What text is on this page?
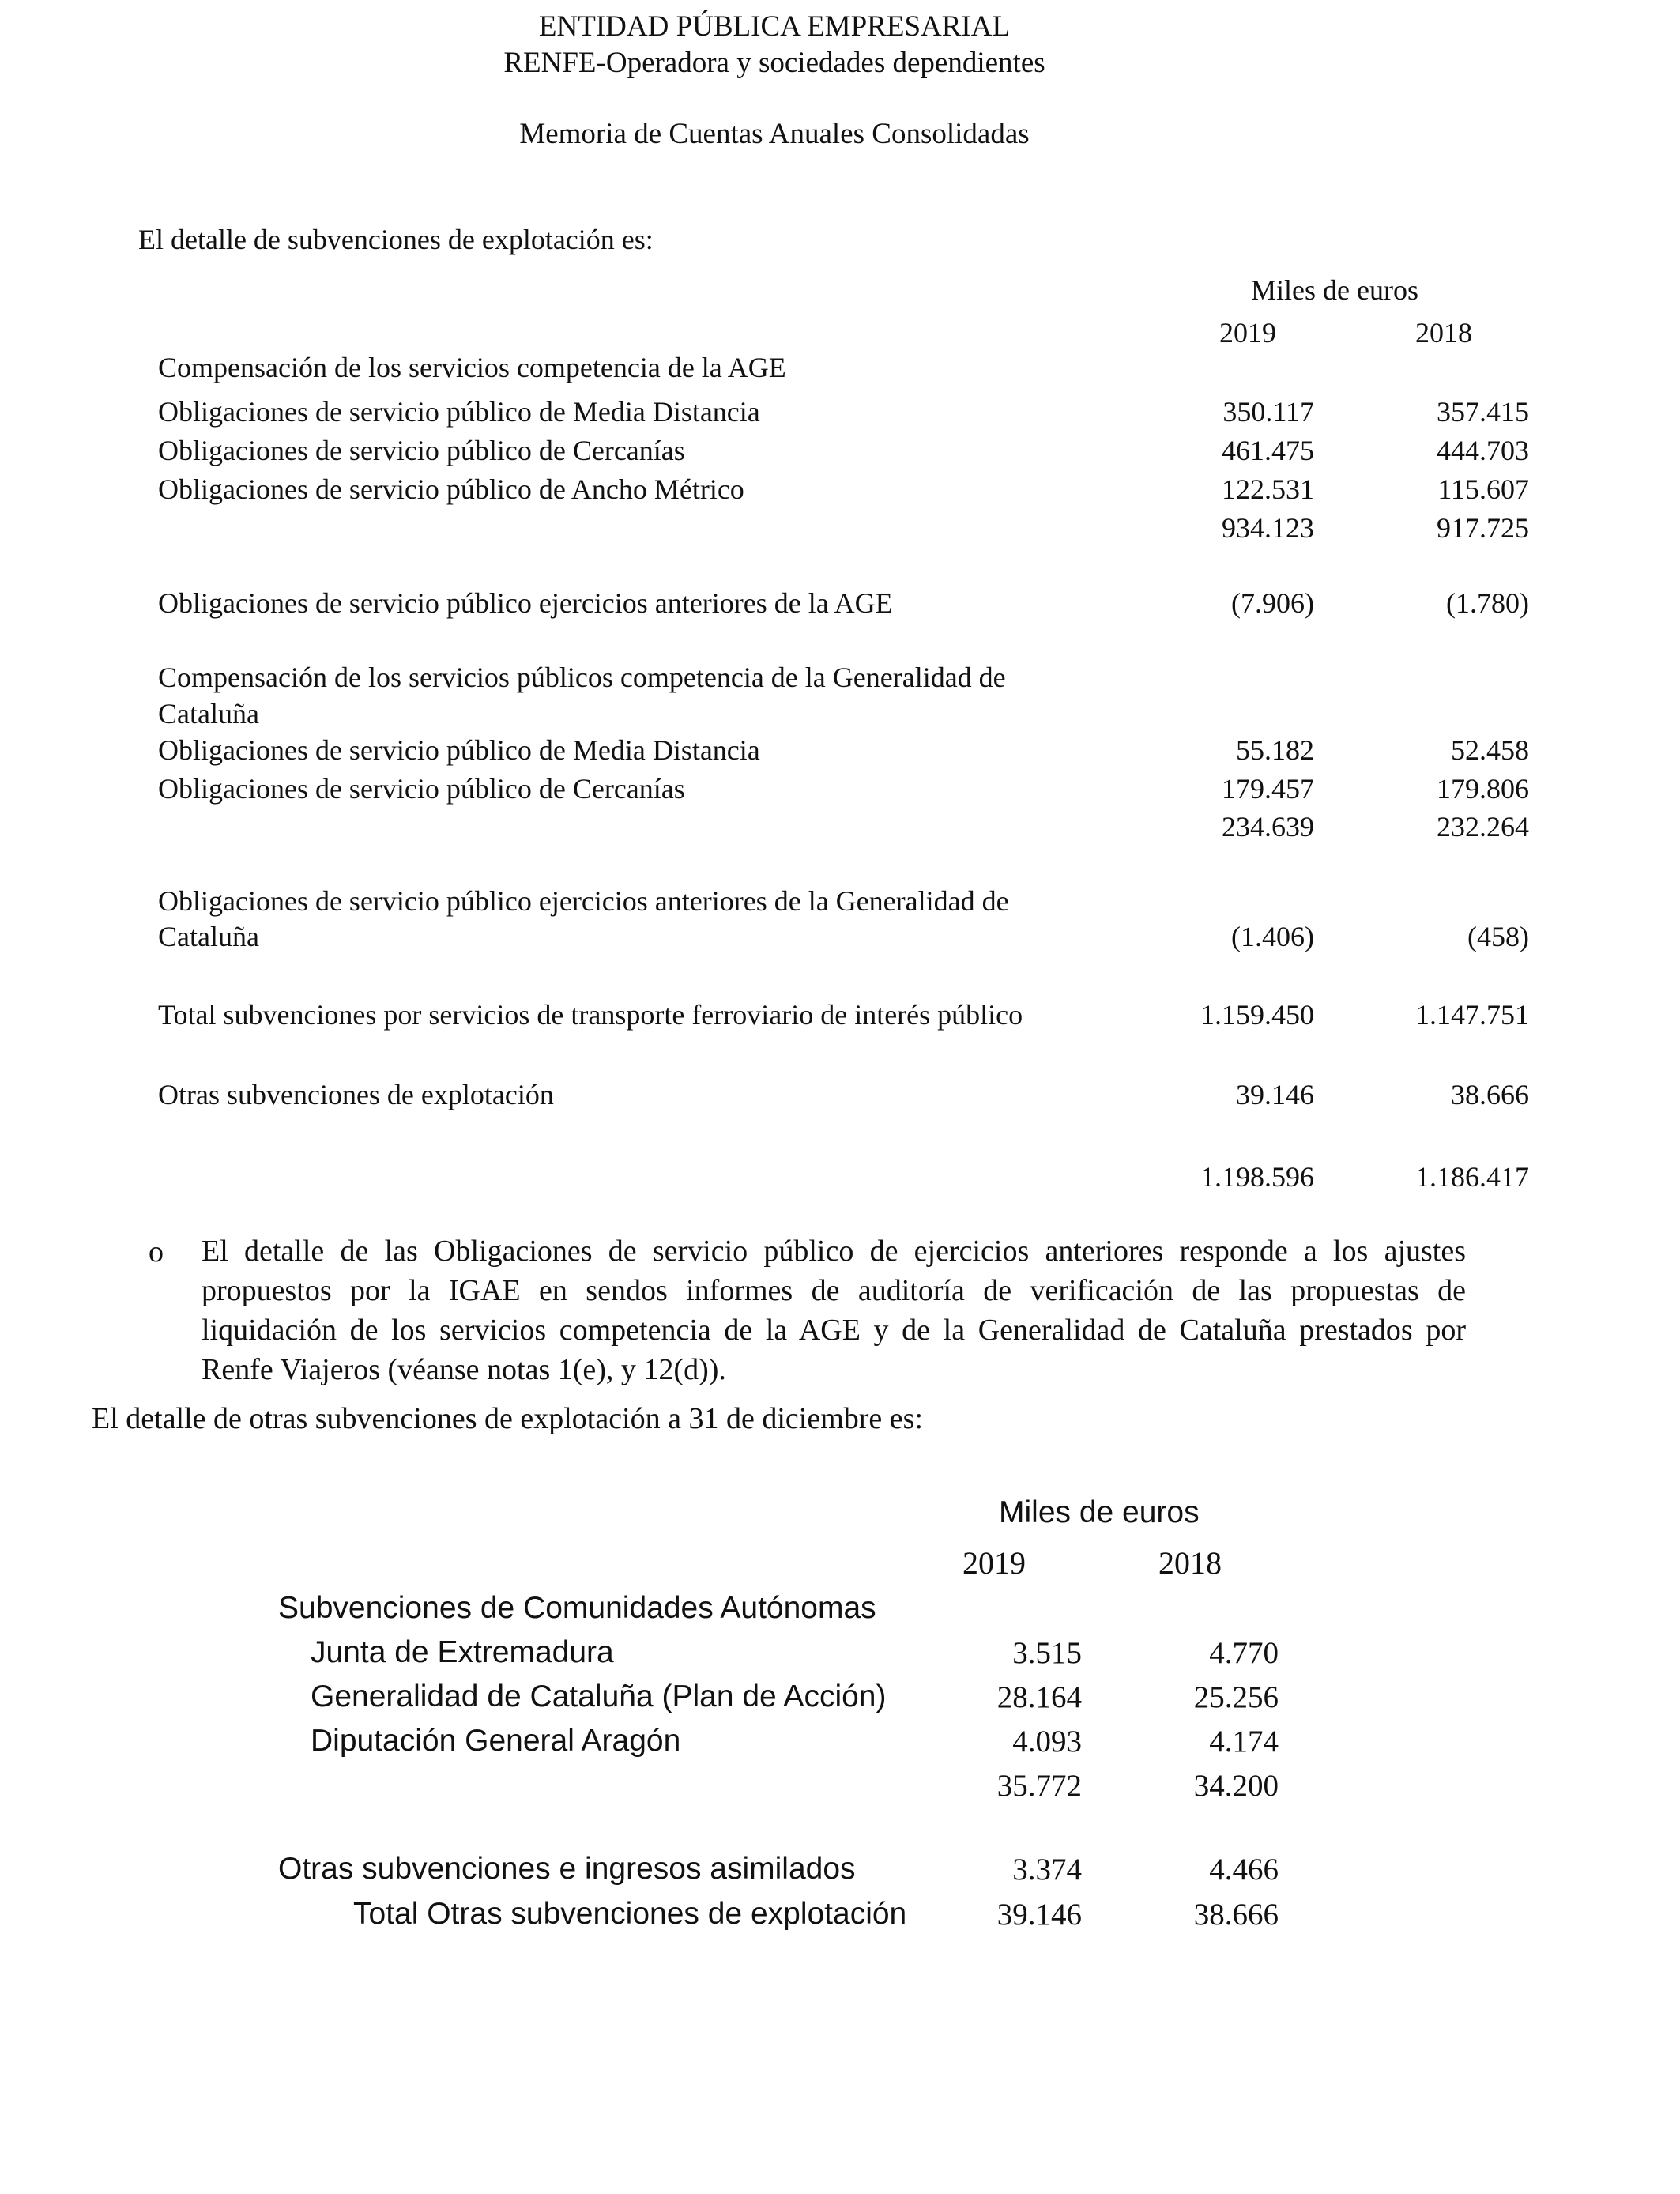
ENTIDAD PÚBLICA EMPRESARIAL
RENFE-Operadora y sociedades dependientes
Memoria de Cuentas Anuales Consolidadas
El detalle de subvenciones de explotación es:
Miles de euros
2019	2018
Compensación de los servicios competencia de la AGE
Obligaciones de servicio público de Media Distancia	350.117	357.415
Obligaciones de servicio público de Cercanías	461.475	444.703
Obligaciones de servicio público de Ancho Métrico	122.531	115.607
934.123	917.725
Obligaciones de servicio público ejercicios anteriores de la AGE	(7.906)	(1.780)
Compensación de los servicios públicos competencia de la Generalidad de
Cataluña
Obligaciones de servicio público de Media Distancia	55.182	52.458
Obligaciones de servicio público de Cercanías	179.457	179.806
234.639	232.264
Obligaciones de servicio público ejercicios anteriores de la Generalidad de
Cataluña	(1.406)	(458)
Total subvenciones por servicios de transporte ferroviario de interés público	1.159.450	1.147.751
Otras subvenciones de explotación	39.146	38.666
1.198.596	1.186.417
o El detalle de las Obligaciones de servicio público de ejercicios anteriores responde a los ajustes
propuestos por la IGAE en sendos informes de auditoría de verificación de las propuestas de
liquidación de los servicios competencia de la AGE y de la Generalidad de Cataluña prestados por
Renfe Viajeros (véanse notas 1(e), y 12(d)).
El detalle de otras subvenciones de explotación a 31 de diciembre es:
Miles de euros
2019	2018
Subvenciones de Comunidades Autónomas
Junta de Extremadura	3.515	4.770
Generalidad de Cataluña (Plan de Acción)	28.164	25.256
Diputación General Aragón	4.093	4.174
35.772	34.200
Otras subvenciones e ingresos asimilados	3.374	4.466
Total Otras subvenciones de explotación	39.146	38.666
